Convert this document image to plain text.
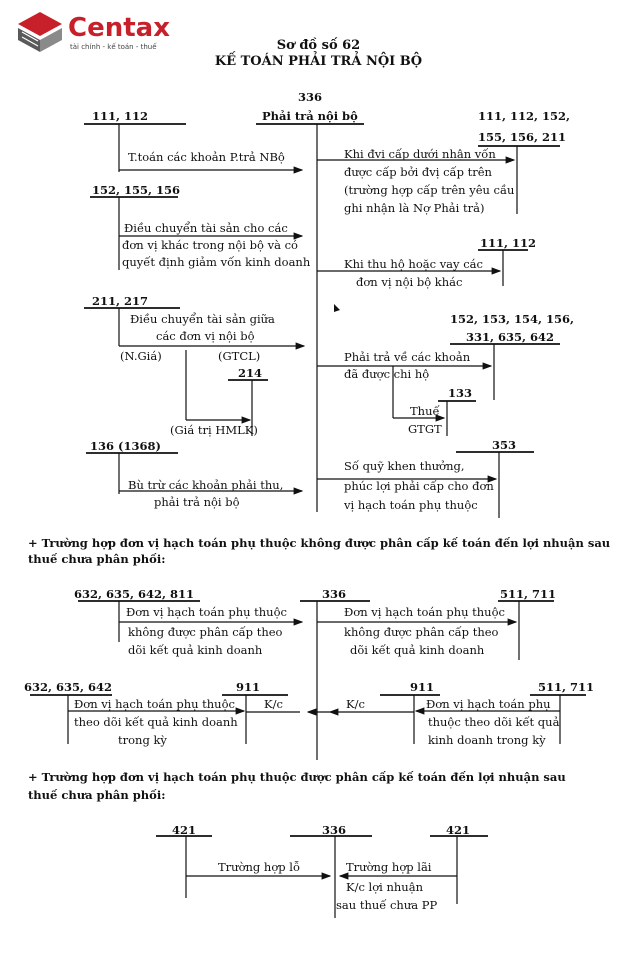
Centax
tài chính - kế toán - thuế	Sơ đồ số 62
KẾ TOÁN PHẢI TRẢ NỘI BỘ
336
Phải trả nội bộ
111, 112
T.toán các khoản P.trả NBộ
152, 155, 156
Điều chuyển tài sản cho các
đơn vị khác trong nội bộ và có
quyết định giảm vốn kinh doanh
211, 217
Điều chuyển tài sản giữa
các đơn vị nội bộ
(N.Giá)	(GTCL)
214
(Giá trị HMLK)
136 (1368)
Bù trừ các khoản phải thu,
phải trả nội bộ
111, 112, 152,
155, 156, 211
Khi đvị cấp dưới nhận vốn
được cấp bởi đvị cấp trên
(trường hợp cấp trên yêu cầu
ghi nhận là Nợ Phải trả)
111, 112
Khi thu hộ hoặc vay các
đơn vị nội bộ khác
152, 153, 154, 156,
331, 635, 642
Phải trả về các khoản
đã được chi hộ
133
Thuế
GTGT
353
Số quỹ khen thưởng,
phúc lợi phải cấp cho đơn
vị hạch toán phụ thuộc
+ Trường hợp đơn vị hạch toán phụ thuộc không được phân cấp kế toán đến lợi nhuận sau
thuế chưa phân phối:
632, 635, 642, 811	336	511, 711
Đơn vị hạch toán phụ thuộc
không được phân cấp theo
dõi kết quả kinh doanh
Đơn vị hạch toán phụ thuộc
không được phân cấp theo
dõi kết quả kinh doanh
632, 635, 642	911	911	511, 711
Đơn vị hạch toán phụ thuộc
theo dõi kết quả kinh doanh
trong kỳ
K/c	K/c	Đơn vị hạch toán phụ
thuộc theo dõi kết quả
kinh doanh trong kỳ
+ Trường hợp đơn vị hạch toán phụ thuộc được phân cấp kế toán đến lợi nhuận sau
thuế chưa phân phối:
421	336	421
Trường hợp lỗ	Trường hợp lãi
K/c lợi nhuận
sau thuế chưa PP
